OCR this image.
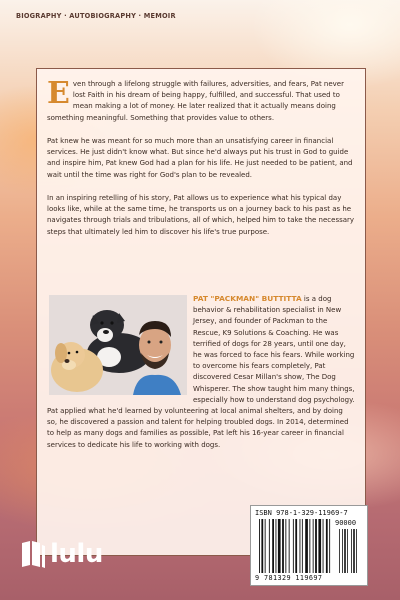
BIOGRAPHY · AUTOBIOGRAPHY · MEMOIR

Even through a lifelong struggle with failures, adversities, and fears, Pat never lost Faith in his dream of being happy, fulfilled, and successful. That used to mean making a lot of money. He later realized that it actually means doing something meaningful. Something that provides value to others.

Pat knew he was meant for so much more than an unsatisfying career in financial services. He just didn't know what. But since he'd always put his trust in God to guide and inspire him, Pat knew God had a plan for his life. He just needed to be patient, and wait until the time was right for God's plan to be revealed.

In an inspiring retelling of his story, Pat allows us to experience what his typical day looks like, while at the same time, he transports us on a journey back to his past as he navigates through trials and tribulations, all of which, helped him to take the necessary steps that ultimately led him to discover his life's true purpose.

PAT "PACKMAN" BUTTITTA is a dog behavior & rehabilitation specialist in New Jersey, and founder of Packman to the Rescue, K9 Solutions & Coaching. He was terrified of dogs for 28 years, until one day, he was forced to face his fears. While working to overcome his fears completely, Pat discovered Cesar Millan's show, The Dog Whisperer. The show taught him many things, especially how to understand dog psychology. Pat applied what he'd learned by volunteering at local animal shelters, and by doing so, he discovered a passion and talent for helping troubled dogs. In 2014, determined to help as many dogs and families as possible, Pat left his 16-year career in financial services to dedicate his life to working with dogs.

ISBN 978-1-329-11969-7
90000
9 781329 119697
lulu
